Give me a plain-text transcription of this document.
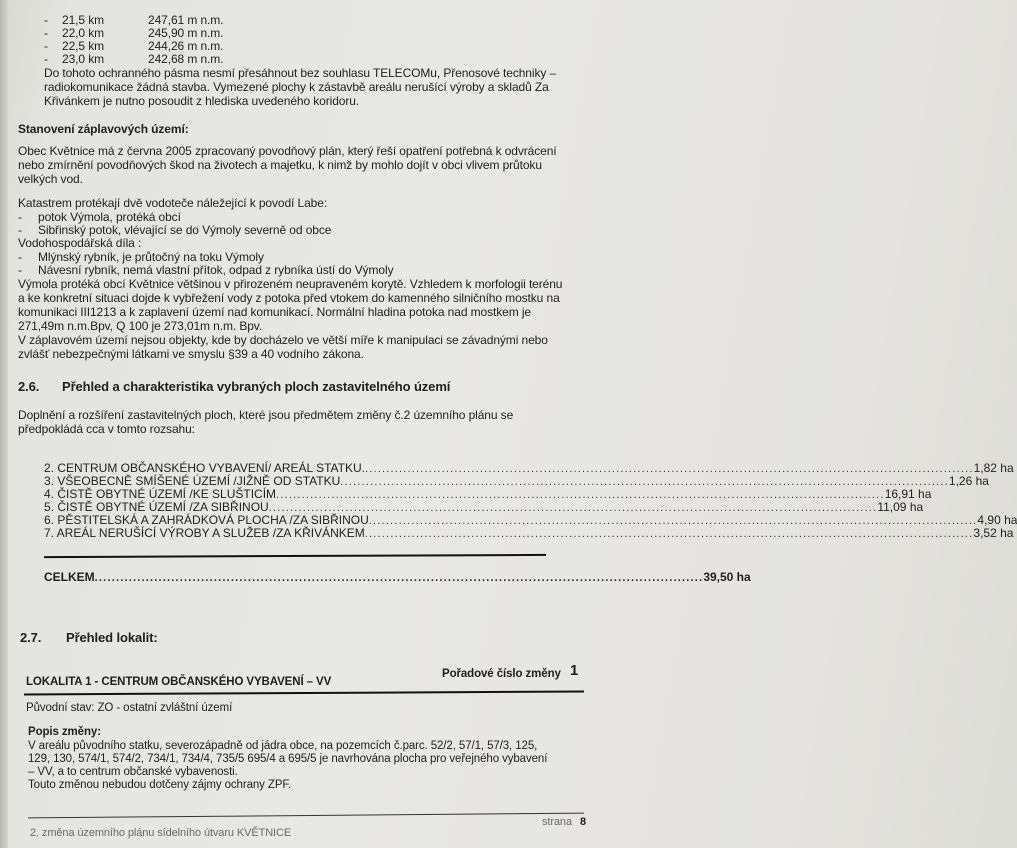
- 21,5 km	247,61 m n.m.
- 22,0 km	245,90 m n.m.
- 22,5 km	244,26 m n.m.
- 23,0 km	242,68 m n.m.
Do tohoto ochranného pásma nesmí přesáhnout bez souhlasu TELECOMu, Přenosové techniky –
radiokomunikace žádná stavba. Vymezené plochy k zástavbě areálu nerušící výroby a skladů Za
Křivánkem je nutno posoudit z hlediska uvedeného koridoru.
Stanovení záplavových území:
Obec Květnice má z června 2005 zpracovaný povodňový plán, který řeší opatření potřebná k odvrácení
nebo zmírnění povodňových škod na životech a majetku, k nimž by mohlo dojít v obci vlivem průtoku
velkých vod.
Katastrem protékají dvě vodoteče náležející k povodí Labe:
- potok Výmola, protéká obcí
- Sibřinský potok, vlévající se do Výmoly severně od obce
Vodohospodářská díla :
- Mlýnský rybník, je průtočný na toku Výmoly
- Návesní rybník, nemá vlastní přítok, odpad z rybníka ústí do Výmoly
Výmola protéká obcí Květnice většinou v přirozeném neupraveném korytě. Vzhledem k morfologii terénu
a ke konkretní situaci dojde k vybřežení vody z potoka před vtokem do kamenného silničního mostku na
komunikaci III1213 a k zaplavení území nad komunikací. Normální hladina potoka nad mostkem je
271,49m n.m.Bpv, Q 100 je 273,01m n.m. Bpv.
V záplavovém území nejsou objekty, kde by docházelo ve větší míře k manipulaci se závadnými nebo
zvlášť nebezpečnými látkami ve smyslu §39 a 40 vodního zákona.
2.6. Přehled a charakteristika vybraných ploch zastavitelného území
Doplnění a rozšíření zastavitelných ploch, které jsou předmětem změny č.2 územního plánu se
předpokládá cca v tomto rozsahu:
2. CENTRUM OBČANSKÉHO VYBAVENÍ/ AREÁL STATKU. ............................................................................................................................................... 1,82 ha
3. VŠEOBECNĚ SMÍŠENÉ ÚZEMÍ /JIŽNĚ OD STATKU ............................................................................................................................................... 1,26 ha
4. ČISTĚ OBYTNÉ ÚZEMÍ /KE SLUŠTICÍM ............................................................................................................................................... 16,91 ha
5. ČISTĚ OBYTNÉ ÚZEMÍ /ZA SIBŘINOU ............................................................................................................................................... 11,09 ha
6. PĚSTITELSKÁ A ZAHRÁDKOVÁ PLOCHA /ZA SIBŘINOU ............................................................................................................................................... 4,90 ha
7. AREÁL NERUŠÍCÍ VÝROBY A SLUŽEB /ZA KŘIVÁNKEM ............................................................................................................................................... 3,52 ha
CELKEM ............................................................................................................................................... 39,50 ha
2.7. Přehled lokalit:
LOKALITA 1 - CENTRUM OBČANSKÉHO VYBAVENÍ – VV
Pořadové číslo změny 1
Původní stav: ZO - ostatní zvláštní území
Popis změny:
V areálu původního statku, severozápadně od jádra obce, na pozemcích č.parc. 52/2, 57/1, 57/3, 125,
129, 130, 574/1, 574/2, 734/1, 734/4, 735/5 695/4 a 695/5 je navrhována plocha pro veřejného vybavení
– VV, a to centrum občanské vybavenosti.
Touto změnou nebudou dotčeny zájmy ochrany ZPF.
strana 8
2. změna územního plánu sídelního útvaru KVĚTNICE
